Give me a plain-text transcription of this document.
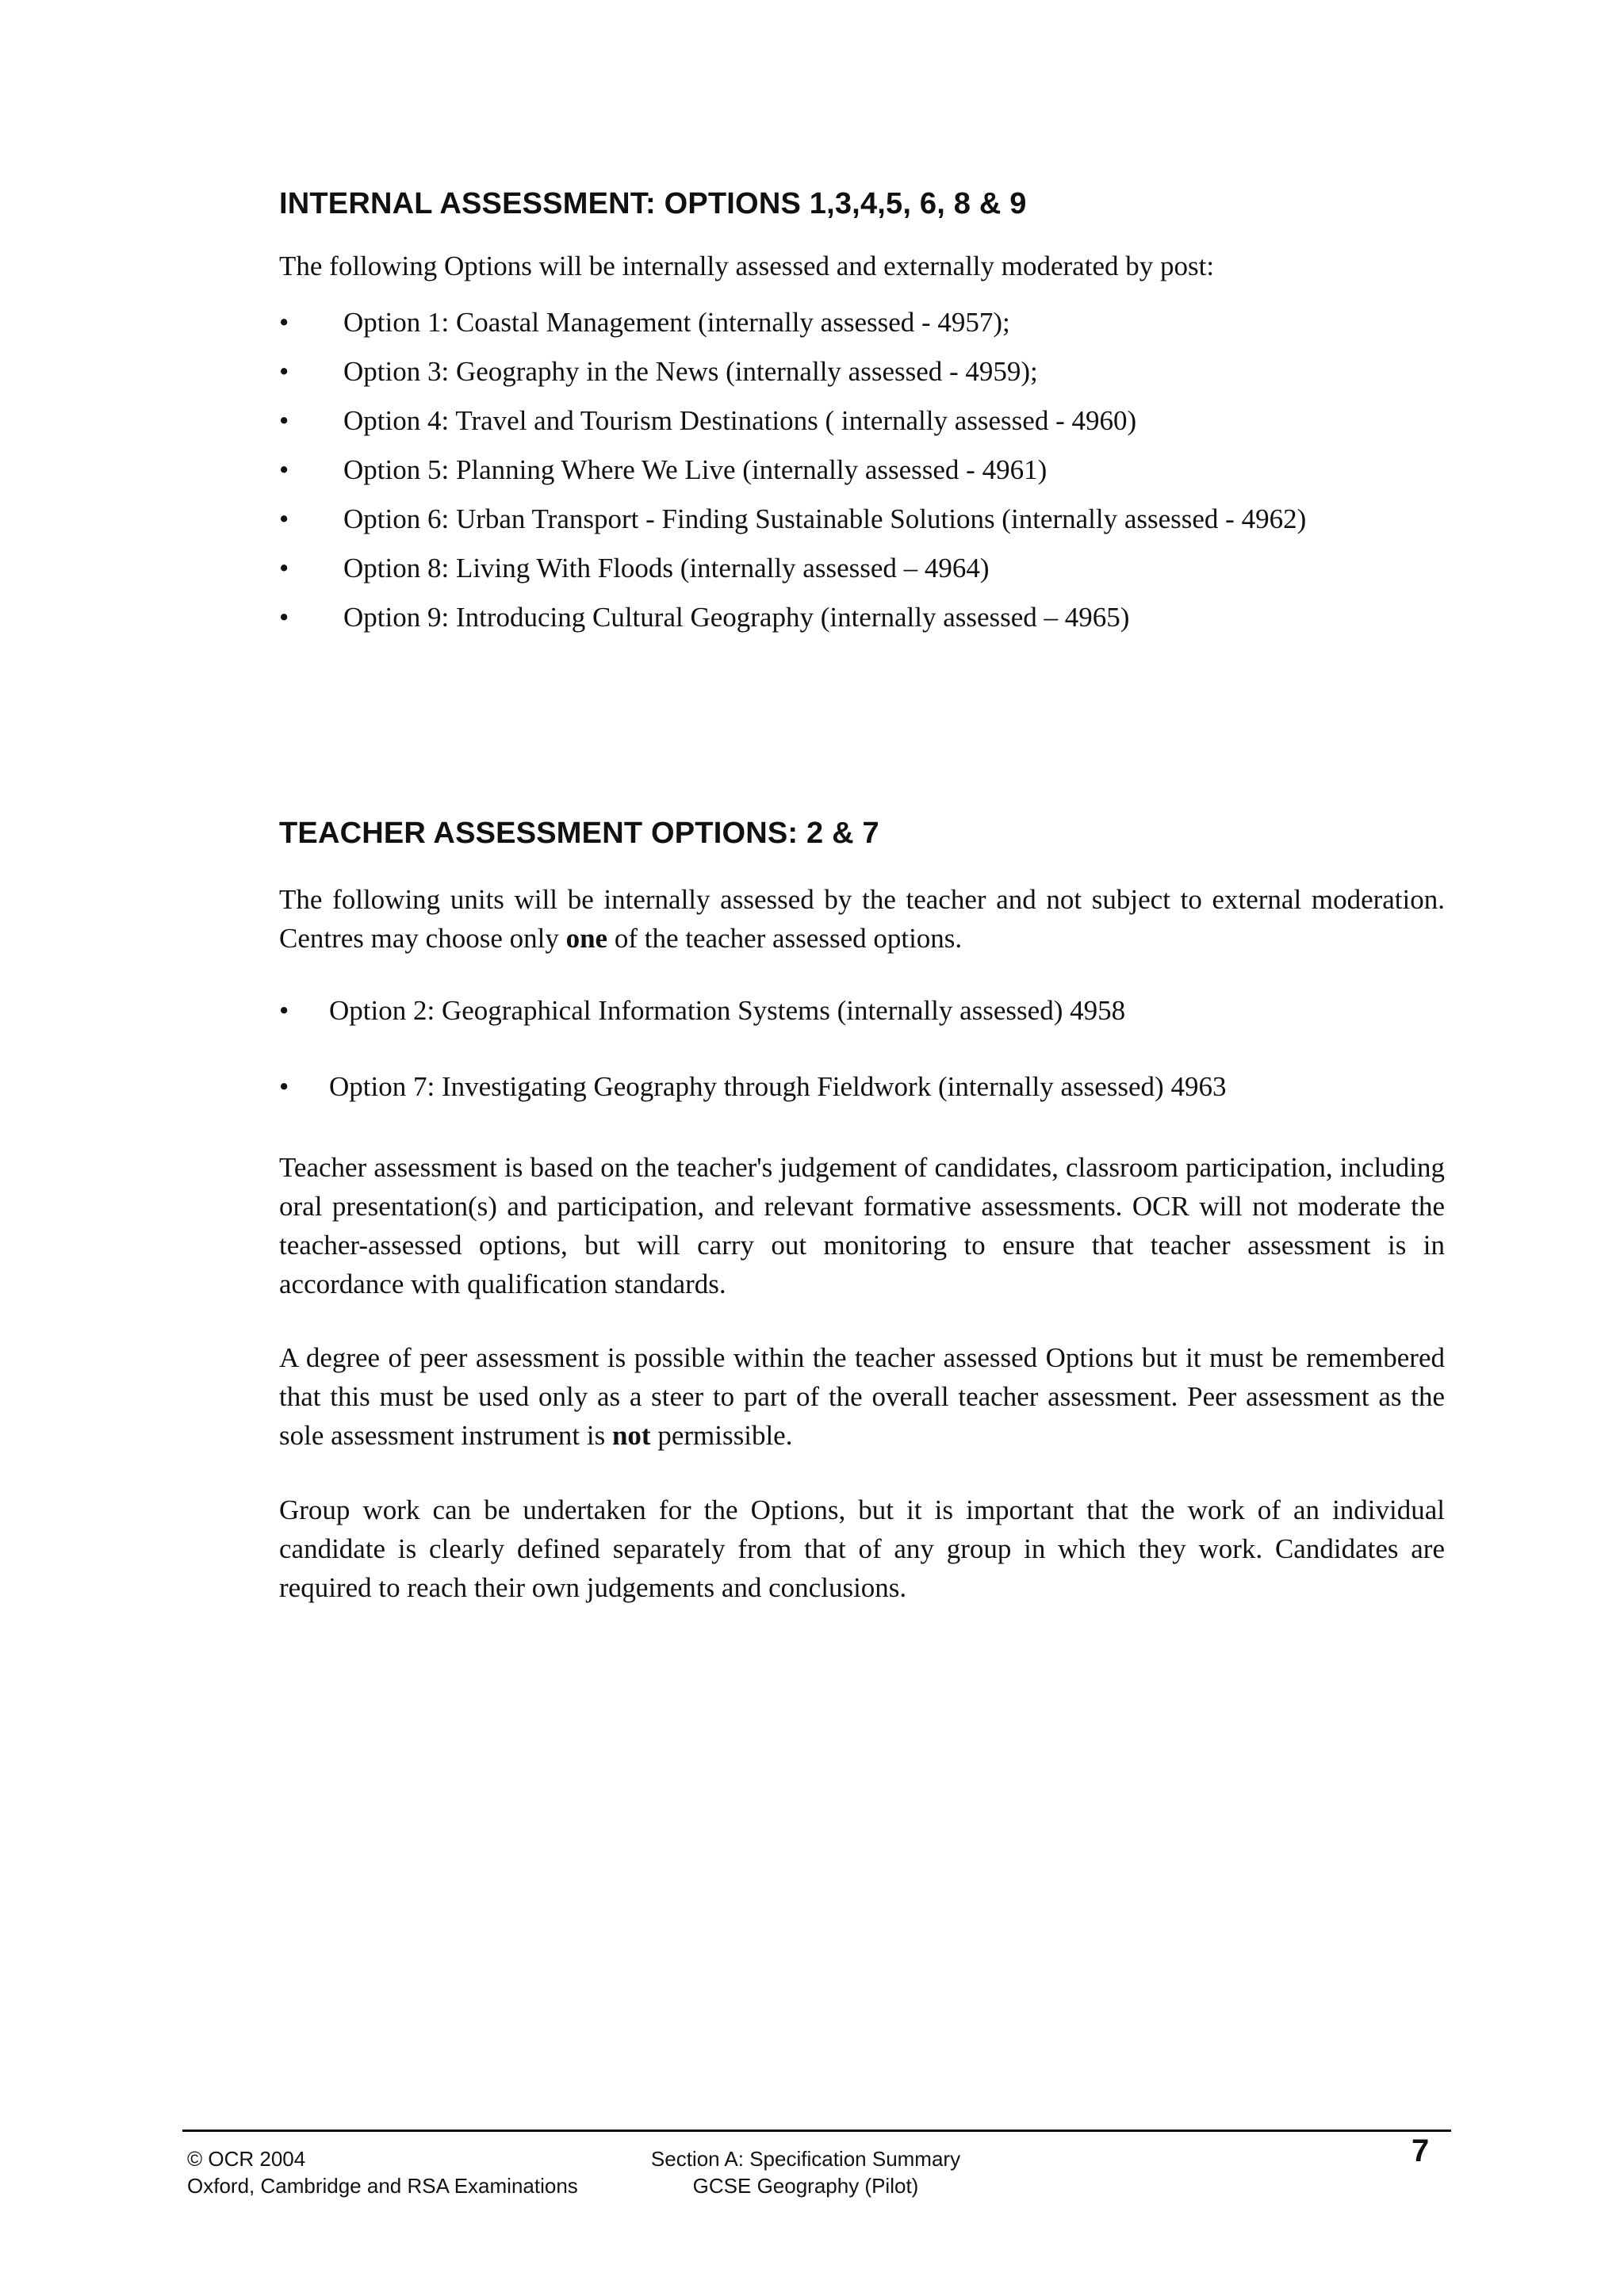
INTERNAL ASSESSMENT: OPTIONS 1,3,4,5, 6, 8 & 9

The following Options will be internally assessed and externally moderated by post:

•	Option 1: Coastal Management (internally assessed - 4957);
•	Option 3: Geography in the News (internally assessed - 4959);
•	Option 4: Travel and Tourism Destinations ( internally assessed - 4960)
•	Option 5: Planning Where We Live (internally assessed - 4961)
•	Option 6: Urban Transport - Finding Sustainable Solutions (internally assessed - 4962)
•	Option 8: Living With Floods (internally assessed – 4964)
•	Option 9: Introducing Cultural Geography (internally assessed – 4965)
TEACHER ASSESSMENT OPTIONS: 2 & 7

The following units will be internally assessed by the teacher and not subject to external moderation. Centres may choose only one of the teacher assessed options.

•	Option 2: Geographical Information Systems (internally assessed) 4958
•	Option 7: Investigating Geography through Fieldwork (internally assessed) 4963

Teacher assessment is based on the teacher's judgement of candidates, classroom participation, including oral presentation(s) and participation, and relevant formative assessments. OCR will not moderate the teacher-assessed options, but will carry out monitoring to ensure that teacher assessment is in accordance with qualification standards.

A degree of peer assessment is possible within the teacher assessed Options but it must be remembered that this must be used only as a steer to part of the overall teacher assessment. Peer assessment as the sole assessment instrument is not permissible.

Group work can be undertaken for the Options, but it is important that the work of an individual candidate is clearly defined separately from that of any group in which they work. Candidates are required to reach their own judgements and conclusions.

© OCR 2004
Oxford, Cambridge and RSA Examinations
Section A: Specification Summary
GCSE Geography (Pilot)
7
